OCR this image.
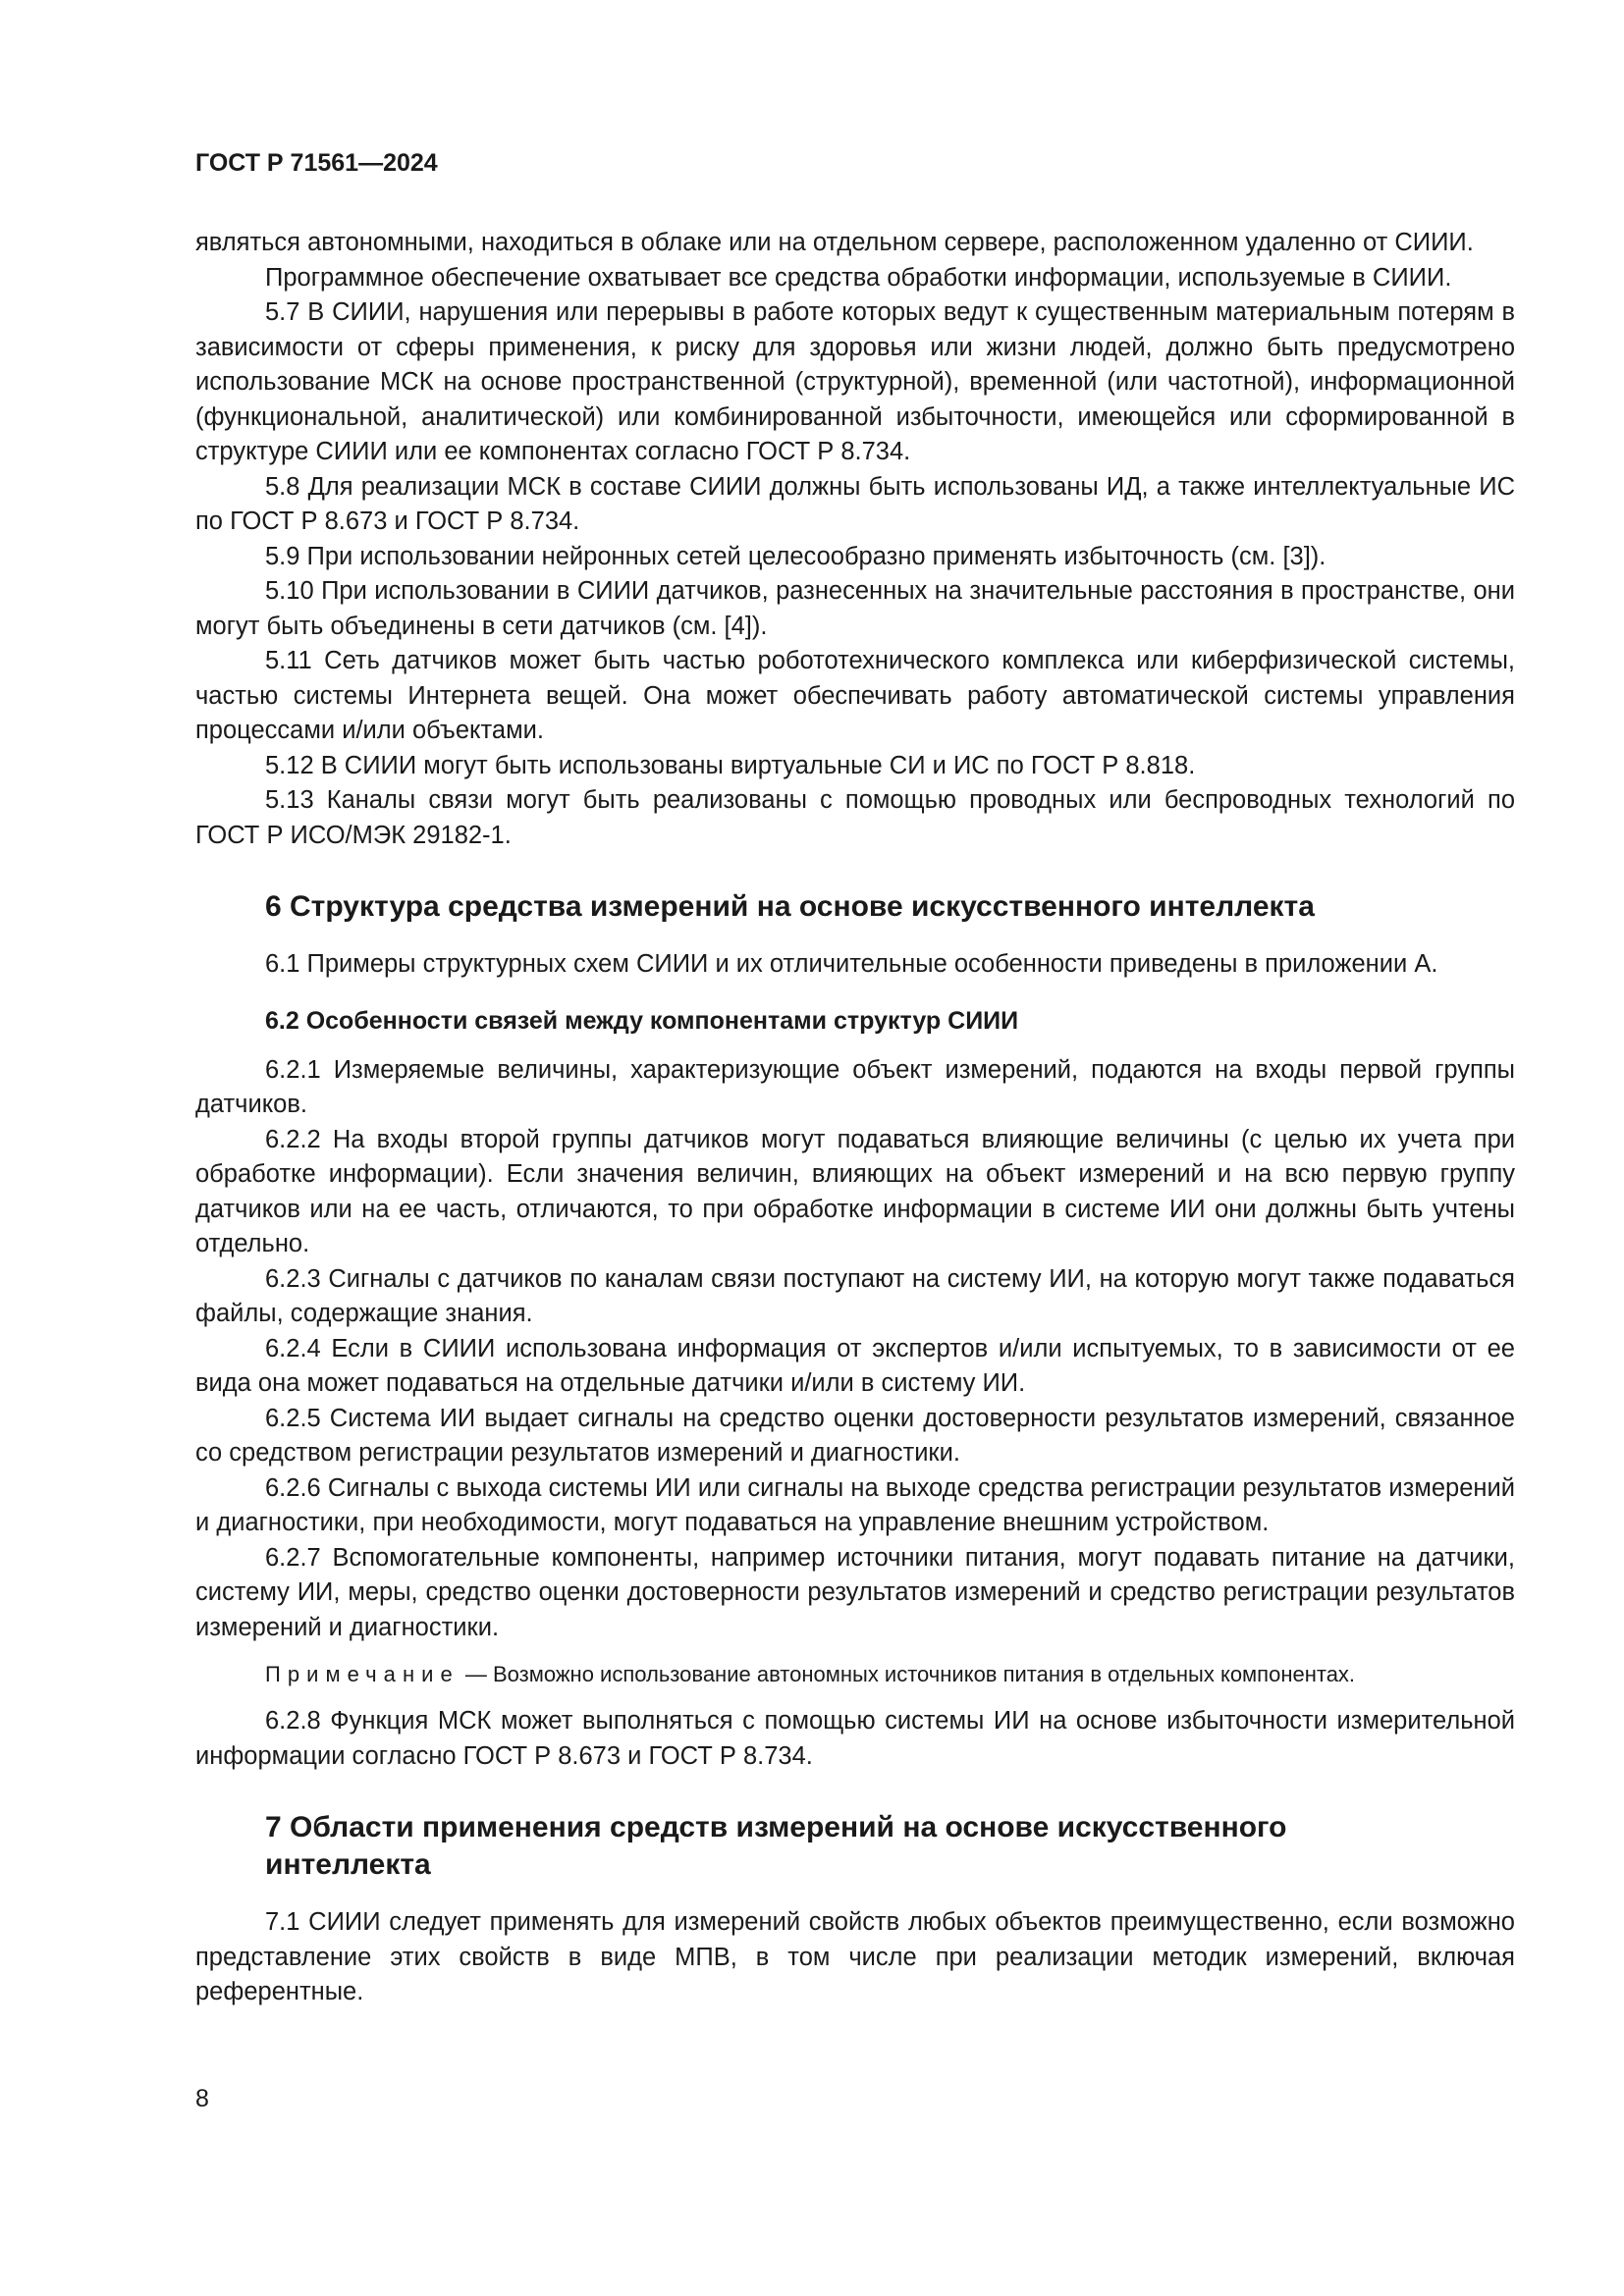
ГОСТ Р 71561—2024

являться автономными, находиться в облаке или на отдельном сервере, расположенном удаленно от СИИИ.

Программное обеспечение охватывает все средства обработки информации, используемые в СИИИ.

5.7 В СИИИ, нарушения или перерывы в работе которых ведут к существенным материальным потерям в зависимости от сферы применения, к риску для здоровья или жизни людей, должно быть предусмотрено использование МСК на основе пространственной (структурной), временной (или частотной), информационной (функциональной, аналитической) или комбинированной избыточности, имеющейся или сформированной в структуре СИИИ или ее компонентах согласно ГОСТ Р 8.734.

5.8 Для реализации МСК в составе СИИИ должны быть использованы ИД, а также интеллектуальные ИС по ГОСТ Р 8.673 и ГОСТ Р 8.734.

5.9 При использовании нейронных сетей целесообразно применять избыточность (см. [3]).

5.10 При использовании в СИИИ датчиков, разнесенных на значительные расстояния в пространстве, они могут быть объединены в сети датчиков (см. [4]).

5.11 Сеть датчиков может быть частью робототехнического комплекса или киберфизической системы, частью системы Интернета вещей. Она может обеспечивать работу автоматической системы управления процессами и/или объектами.

5.12 В СИИИ могут быть использованы виртуальные СИ и ИС по ГОСТ Р 8.818.

5.13 Каналы связи могут быть реализованы с помощью проводных или беспроводных технологий по ГОСТ Р ИСО/МЭК 29182-1.

6 Структура средства измерений на основе искусственного интеллекта

6.1 Примеры структурных схем СИИИ и их отличительные особенности приведены в приложении А.

6.2 Особенности связей между компонентами структур СИИИ

6.2.1 Измеряемые величины, характеризующие объект измерений, подаются на входы первой группы датчиков.

6.2.2 На входы второй группы датчиков могут подаваться влияющие величины (с целью их учета при обработке информации). Если значения величин, влияющих на объект измерений и на всю первую группу датчиков или на ее часть, отличаются, то при обработке информации в системе ИИ они должны быть учтены отдельно.

6.2.3 Сигналы с датчиков по каналам связи поступают на систему ИИ, на которую могут также подаваться файлы, содержащие знания.

6.2.4 Если в СИИИ использована информация от экспертов и/или испытуемых, то в зависимости от ее вида она может подаваться на отдельные датчики и/или в систему ИИ.

6.2.5 Система ИИ выдает сигналы на средство оценки достоверности результатов измерений, связанное со средством регистрации результатов измерений и диагностики.

6.2.6 Сигналы с выхода системы ИИ или сигналы на выходе средства регистрации результатов измерений и диагностики, при необходимости, могут подаваться на управление внешним устройством.

6.2.7 Вспомогательные компоненты, например источники питания, могут подавать питание на датчики, систему ИИ, меры, средство оценки достоверности результатов измерений и средство регистрации результатов измерений и диагностики.

Примечание — Возможно использование автономных источников питания в отдельных компонентах.

6.2.8 Функция МСК может выполняться с помощью системы ИИ на основе избыточности измерительной информации согласно ГОСТ Р 8.673 и ГОСТ Р 8.734.

7 Области применения средств измерений на основе искусственного
интеллекта

7.1 СИИИ следует применять для измерений свойств любых объектов преимущественно, если возможно представление этих свойств в виде МПВ, в том числе при реализации методик измерений, включая референтные.

8
